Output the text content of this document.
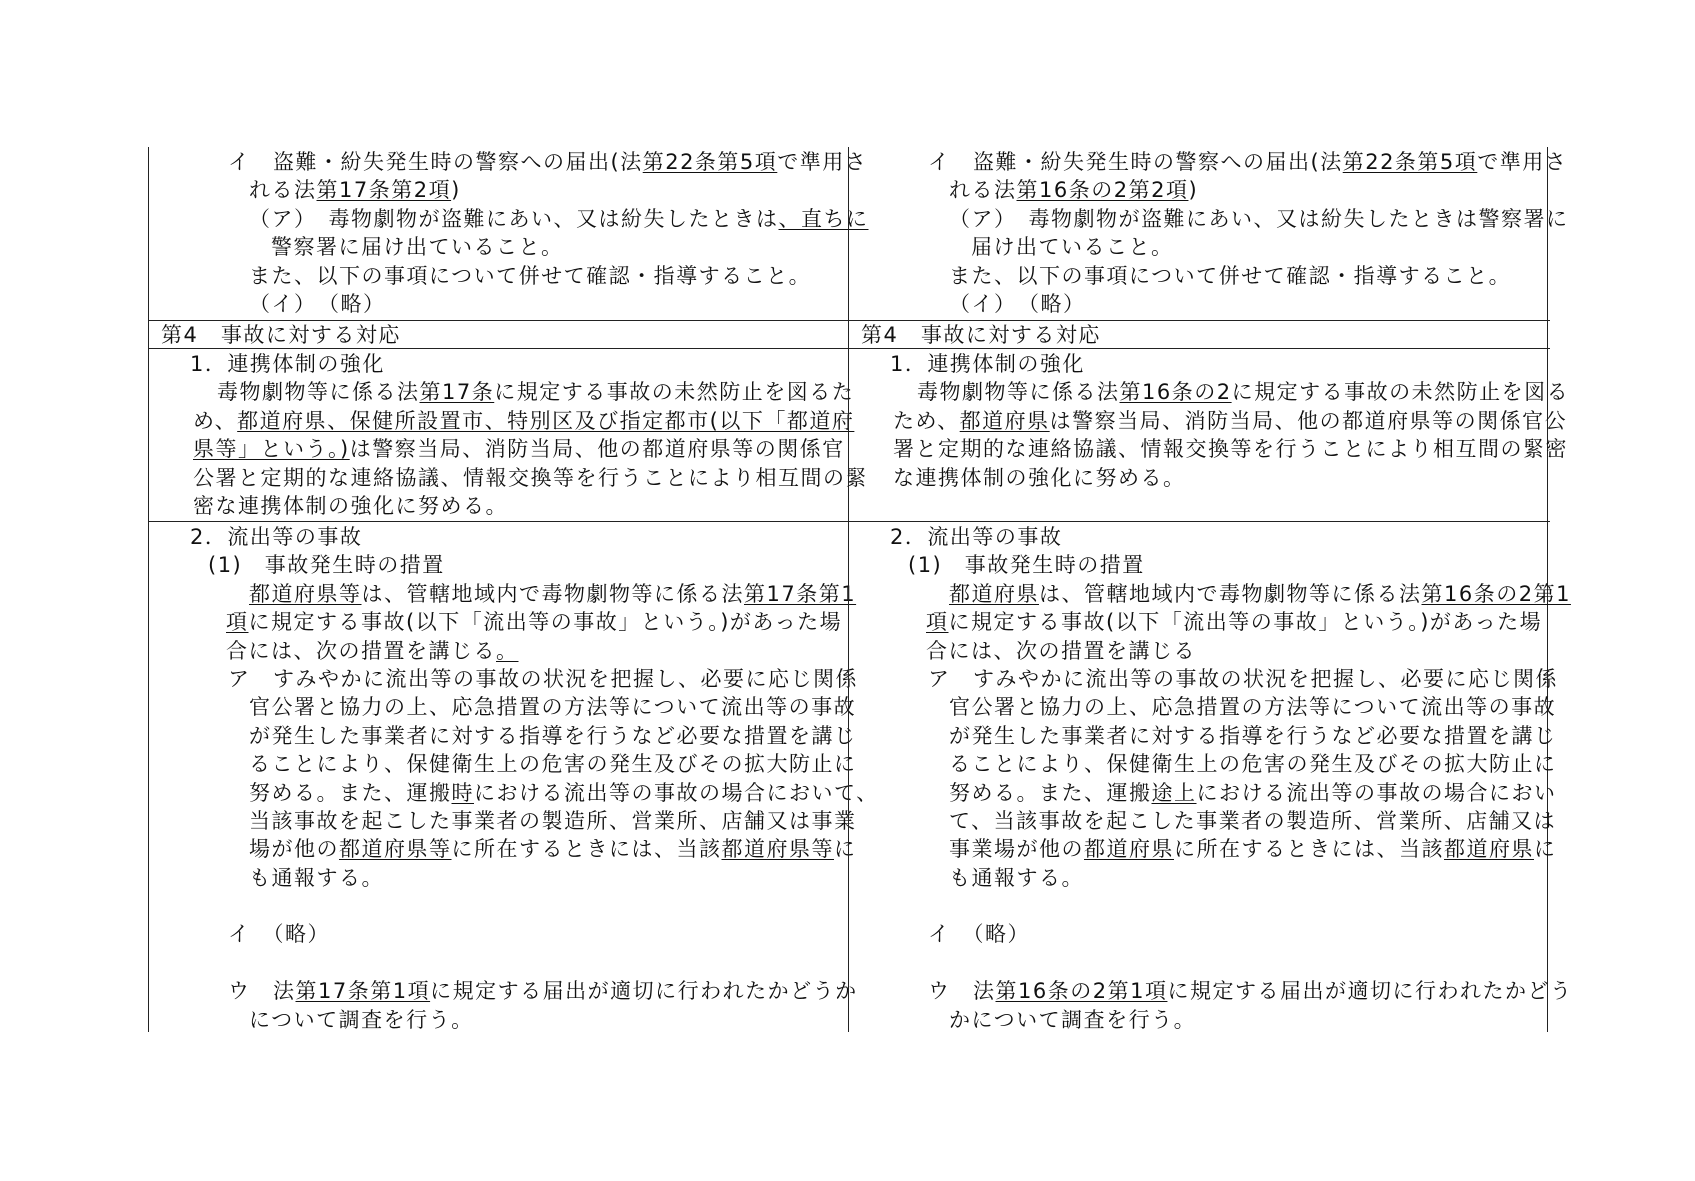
イ　盗難・紛失発生時の警察への届出(法第22条第5項で準用さ
れる法第17条第2項)
（ア）　毒物劇物が盗難にあい、又は紛失したときは、直ちに
警察署に届け出ていること。
また、以下の事項について併せて確認・指導すること。
（イ）　（略）
イ　盗難・紛失発生時の警察への届出(法第22条第5項で準用さ
れる法第16条の2第2項)
（ア）　毒物劇物が盗難にあい、又は紛失したときは警察署に
届け出ていること。
また、以下の事項について併せて確認・指導すること。
（イ）　（略）
第4　事故に対する対応	第4　事故に対する対応
1．連携体制の強化
毒物劇物等に係る法第17条に規定する事故の未然防止を図るた
め、都道府県、保健所設置市、特別区及び指定都市(以下「都道府
県等」という。)は警察当局、消防当局、他の都道府県等の関係官
公署と定期的な連絡協議、情報交換等を行うことにより相互間の緊
密な連携体制の強化に努める。
1．連携体制の強化
毒物劇物等に係る法第16条の2に規定する事故の未然防止を図る
ため、都道府県は警察当局、消防当局、他の都道府県等の関係官公
署と定期的な連絡協議、情報交換等を行うことにより相互間の緊密
な連携体制の強化に努める。
2．流出等の事故
(1)　事故発生時の措置
都道府県等は、管轄地域内で毒物劇物等に係る法第17条第1
項に規定する事故(以下「流出等の事故」という。)があった場
合には、次の措置を講じる。
ア　すみやかに流出等の事故の状況を把握し、必要に応じ関係
官公署と協力の上、応急措置の方法等について流出等の事故
が発生した事業者に対する指導を行うなど必要な措置を講じ
ることにより、保健衛生上の危害の発生及びその拡大防止に
努める。また、運搬時における流出等の事故の場合において、
当該事故を起こした事業者の製造所、営業所、店舗又は事業
場が他の都道府県等に所在するときには、当該都道府県等に
も通報する。
イ　（略）
ウ　法第17条第1項に規定する届出が適切に行われたかどうか
について調査を行う。
2．流出等の事故
(1)　事故発生時の措置
都道府県は、管轄地域内で毒物劇物等に係る法第16条の2第1
項に規定する事故(以下「流出等の事故」という。)があった場
合には、次の措置を講じる
ア　すみやかに流出等の事故の状況を把握し、必要に応じ関係
官公署と協力の上、応急措置の方法等について流出等の事故
が発生した事業者に対する指導を行うなど必要な措置を講じ
ることにより、保健衛生上の危害の発生及びその拡大防止に
努める。また、運搬途上における流出等の事故の場合におい
て、当該事故を起こした事業者の製造所、営業所、店舗又は
事業場が他の都道府県に所在するときには、当該都道府県に
も通報する。
イ　（略）
ウ　法第16条の2第1項に規定する届出が適切に行われたかどう
かについて調査を行う。
